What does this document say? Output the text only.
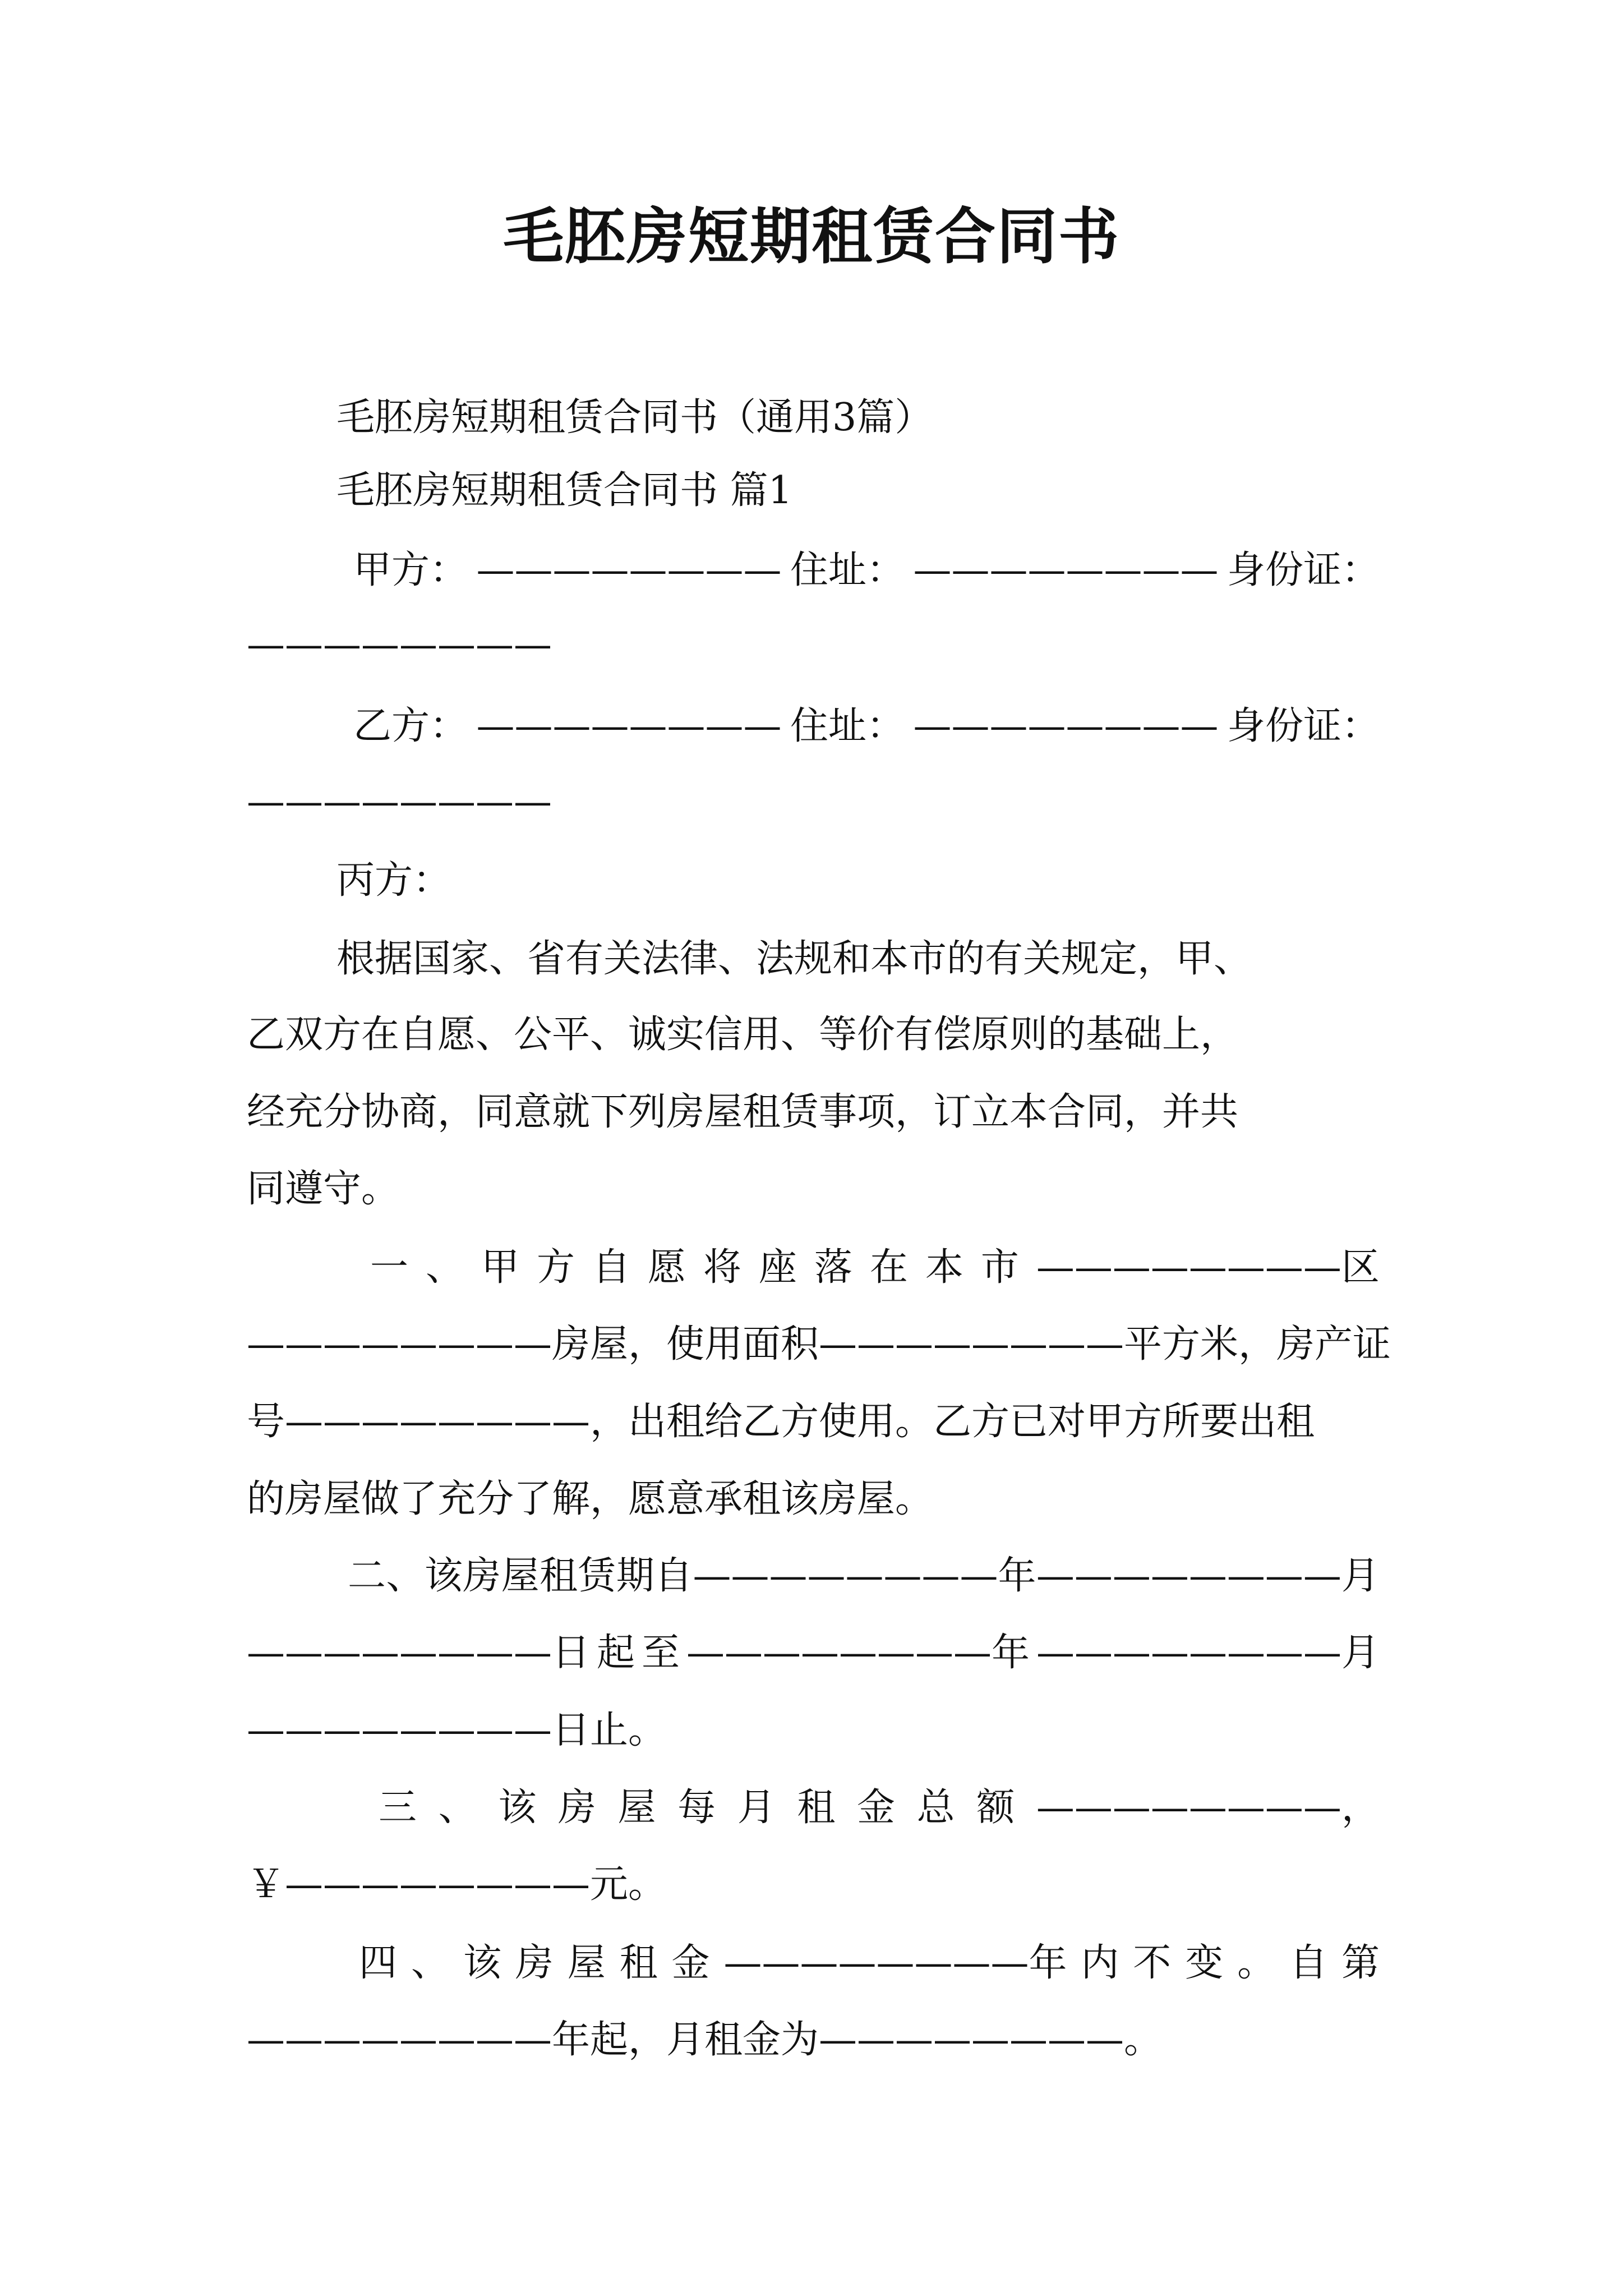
毛胚房短期租赁合同书
毛胚房短期租赁合同书（通用3篇）
毛胚房短期租赁合同书 篇1
甲方： ———————— 住址： ———————— 身份证：
————————
乙方： ———————— 住址： ———————— 身份证：
————————
丙方：
根据国家、省有关法律、法规和本市的有关规定，甲、
乙双方在自愿、公平、诚实信用、等价有偿原则的基础上，
经充分协商，同意就下列房屋租赁事项，订立本合同，并共
同遵守。
一 、 甲 方 自 愿 将 座 落 在 本 市 ————————区
————————房屋，使用面积————————平方米，房产证
号————————，出租给乙方使用。乙方已对甲方所要出租
的房屋做了充分了解，愿意承租该房屋。
二 、 该 房 屋 租 赁 期 自 ————————年 ————————月
————————日 起 至 ————————年 ————————月
————————日止。
三 、 该 房 屋 每 月 租 金 总 额 ————————，
￥————————元。
四 、 该 房 屋 租 金 ————————年 内 不 变 。 自 第
————————年起，月租金为————————。
